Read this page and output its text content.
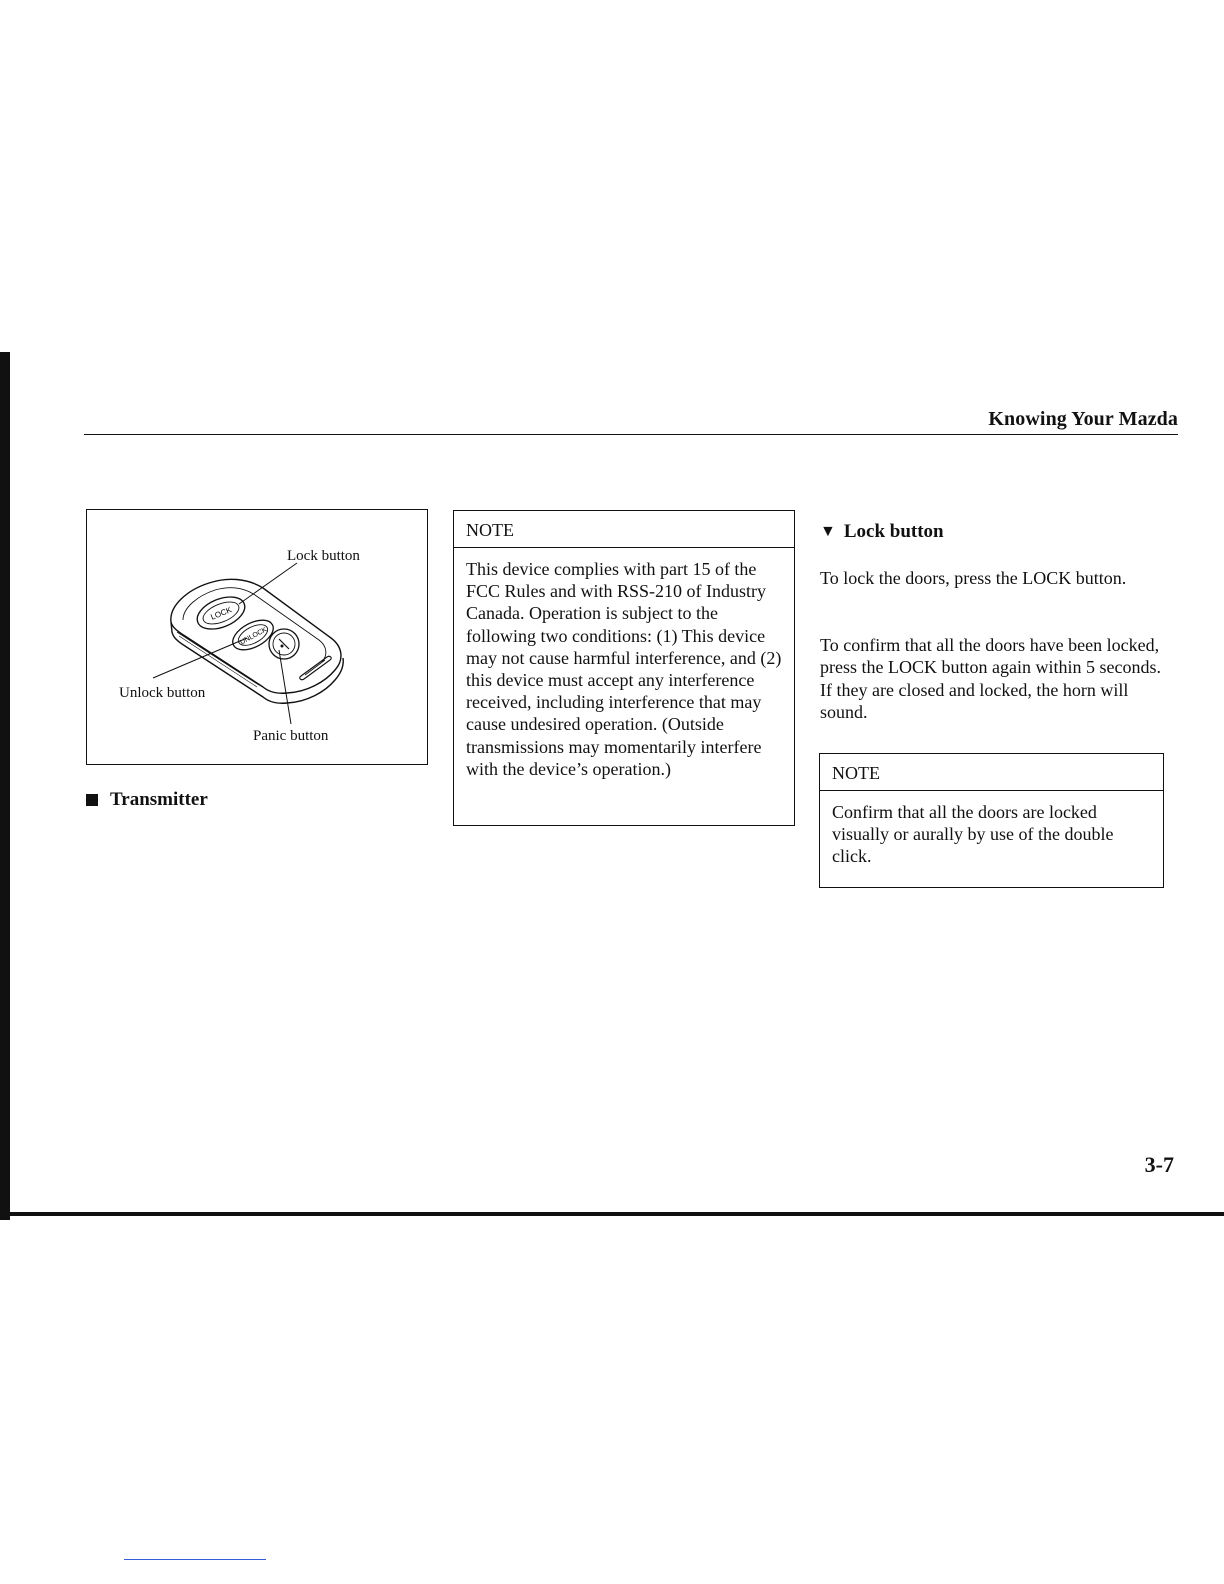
Knowing Your Mazda
LOCK
UNLOCK
Lock button
Unlock button
Panic button
Transmitter
NOTE
This device complies with part 15 of the FCC Rules and with RSS-210 of Industry Canada. Operation is subject to the following two conditions: (1) This device may not cause harmful interference, and (2) this device must accept any interference received, including interference that may cause undesired operation. (Outside transmissions may momentarily interfere with the device’s operation.)
▼ Lock button
To lock the doors, press the LOCK button.
To confirm that all the doors have been locked, press the LOCK button again within 5 seconds. If they are closed and locked, the horn will sound.
NOTE
Confirm that all the doors are locked visually or aurally by use of the double click.
3-7
